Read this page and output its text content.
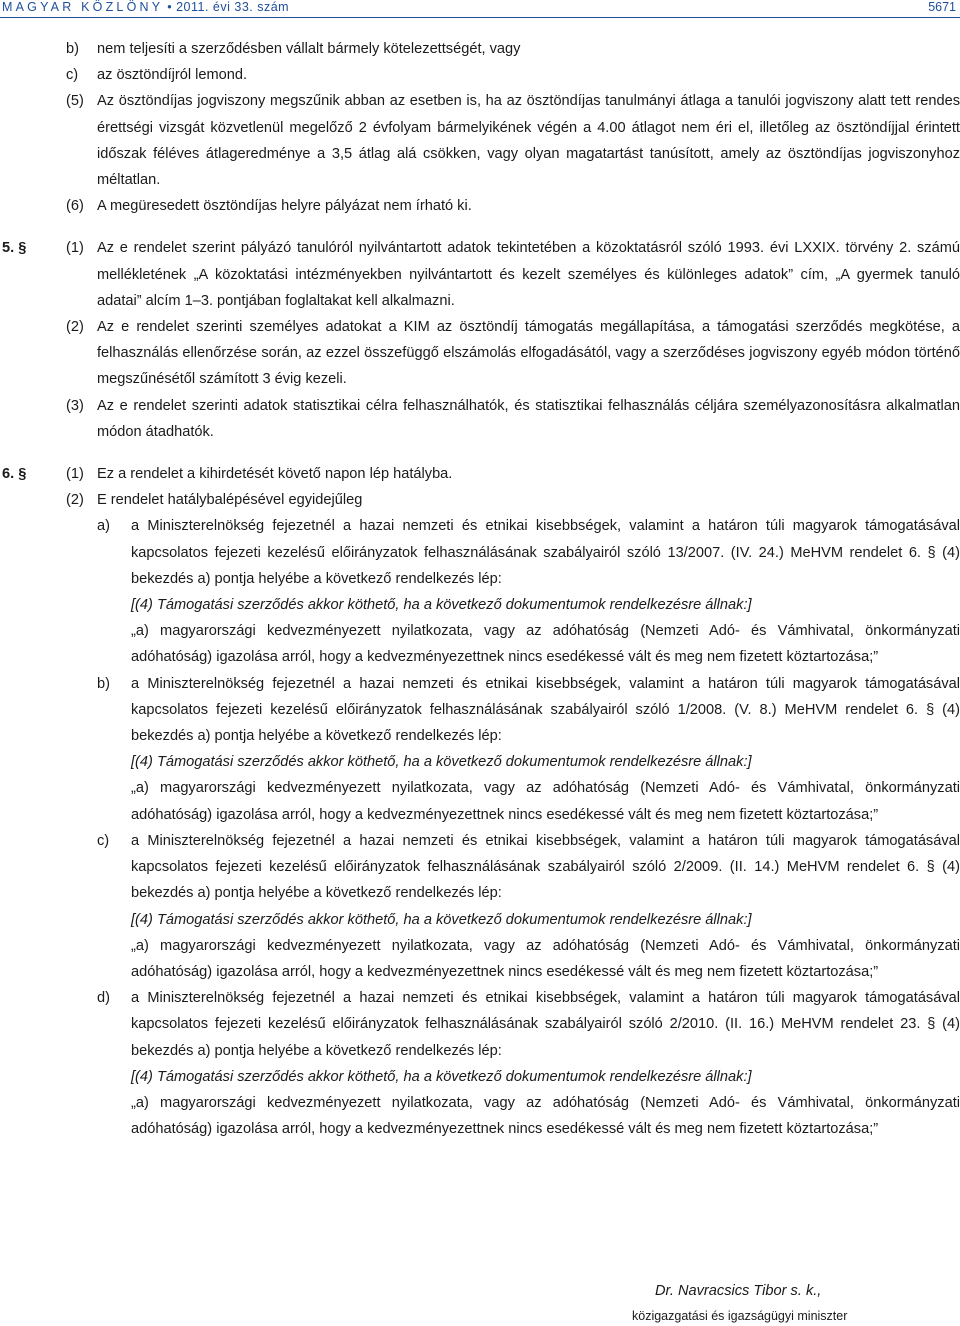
MAGYAR KÖZLÖNY • 2011. évi 33. szám	5671
b) nem teljesíti a szerződésben vállalt bármely kötelezettségét, vagy
c) az ösztöndíjról lemond.
(5) Az ösztöndíjas jogviszony megszűnik abban az esetben is, ha az ösztöndíjas tanulmányi átlaga a tanulói jogviszony alatt tett rendes érettségi vizsgát közvetlenül megelőző 2 évfolyam bármelyikének végén a 4.00 átlagot nem éri el, illetőleg az ösztöndíjjal érintett időszak féléves átlageredménye a 3,5 átlag alá csökken, vagy olyan magatartást tanúsított, amely az ösztöndíjas jogviszonyhoz méltatlan.
(6) A megüresedett ösztöndíjas helyre pályázat nem írható ki.
5. §	(1) Az e rendelet szerint pályázó tanulóról nyilvántartott adatok tekintetében a közoktatásról szóló 1993. évi LXXIX. törvény 2. számú mellékletének „A közoktatási intézményekben nyilvántartott és kezelt személyes és különleges adatok” cím, „A gyermek tanuló adatai” alcím 1–3. pontjában foglaltakat kell alkalmazni.
(2) Az e rendelet szerinti személyes adatokat a KIM az ösztöndíj támogatás megállapítása, a támogatási szerződés megkötése, a felhasználás ellenőrzése során, az ezzel összefüggő elszámolás elfogadásától, vagy a szerződéses jogviszony egyéb módon történő megszűnésétől számított 3 évig kezeli.
(3) Az e rendelet szerinti adatok statisztikai célra felhasználhatók, és statisztikai felhasználás céljára személyazonosításra alkalmatlan módon átadhatók.
6. §	(1) Ez a rendelet a kihirdetését követő napon lép hatályba.
(2) E rendelet hatálybalépésével egyidejűleg
a) a Miniszterelnökség fejezetnél a hazai nemzeti és etnikai kisebbségek, valamint a határon túli magyarok támogatásával kapcsolatos fejezeti kezelésű előirányzatok felhasználásának szabályairól szóló 13/2007. (IV. 24.) MeHVM rendelet 6. § (4) bekezdés a) pontja helyébe a következő rendelkezés lép:
[(4) Támogatási szerződés akkor köthető, ha a következő dokumentumok rendelkezésre állnak:]
„a) magyarországi kedvezményezett nyilatkozata, vagy az adóhatóság (Nemzeti Adó- és Vámhivatal, önkormányzati adóhatóság) igazolása arról, hogy a kedvezményezettnek nincs esedékessé vált és meg nem fizetett köztartozása;”
b) a Miniszterelnökség fejezetnél a hazai nemzeti és etnikai kisebbségek, valamint a határon túli magyarok támogatásával kapcsolatos fejezeti kezelésű előirányzatok felhasználásának szabályairól szóló 1/2008. (V. 8.) MeHVM rendelet 6. § (4) bekezdés a) pontja helyébe a következő rendelkezés lép:
[(4) Támogatási szerződés akkor köthető, ha a következő dokumentumok rendelkezésre állnak:]
„a) magyarországi kedvezményezett nyilatkozata, vagy az adóhatóság (Nemzeti Adó- és Vámhivatal, önkormányzati adóhatóság) igazolása arról, hogy a kedvezményezettnek nincs esedékessé vált és meg nem fizetett köztartozása;”
c) a Miniszterelnökség fejezetnél a hazai nemzeti és etnikai kisebbségek, valamint a határon túli magyarok támogatásával kapcsolatos fejezeti kezelésű előirányzatok felhasználásának szabályairól szóló 2/2009. (II. 14.) MeHVM rendelet 6. § (4) bekezdés a) pontja helyébe a következő rendelkezés lép:
[(4) Támogatási szerződés akkor köthető, ha a következő dokumentumok rendelkezésre állnak:]
„a) magyarországi kedvezményezett nyilatkozata, vagy az adóhatóság (Nemzeti Adó- és Vámhivatal, önkormányzati adóhatóság) igazolása arról, hogy a kedvezményezettnek nincs esedékessé vált és meg nem fizetett köztartozása;”
d) a Miniszterelnökség fejezetnél a hazai nemzeti és etnikai kisebbségek, valamint a határon túli magyarok támogatásával kapcsolatos fejezeti kezelésű előirányzatok felhasználásának szabályairól szóló 2/2010. (II. 16.) MeHVM rendelet 23. § (4) bekezdés a) pontja helyébe a következő rendelkezés lép:
[(4) Támogatási szerződés akkor köthető, ha a következő dokumentumok rendelkezésre állnak:]
„a) magyarországi kedvezményezett nyilatkozata, vagy az adóhatóság (Nemzeti Adó- és Vámhivatal, önkormányzati adóhatóság) igazolása arról, hogy a kedvezményezettnek nincs esedékessé vált és meg nem fizetett köztartozása;”
Dr. Navracsics Tibor s. k.,
közigazgatási és igazságügyi miniszter
